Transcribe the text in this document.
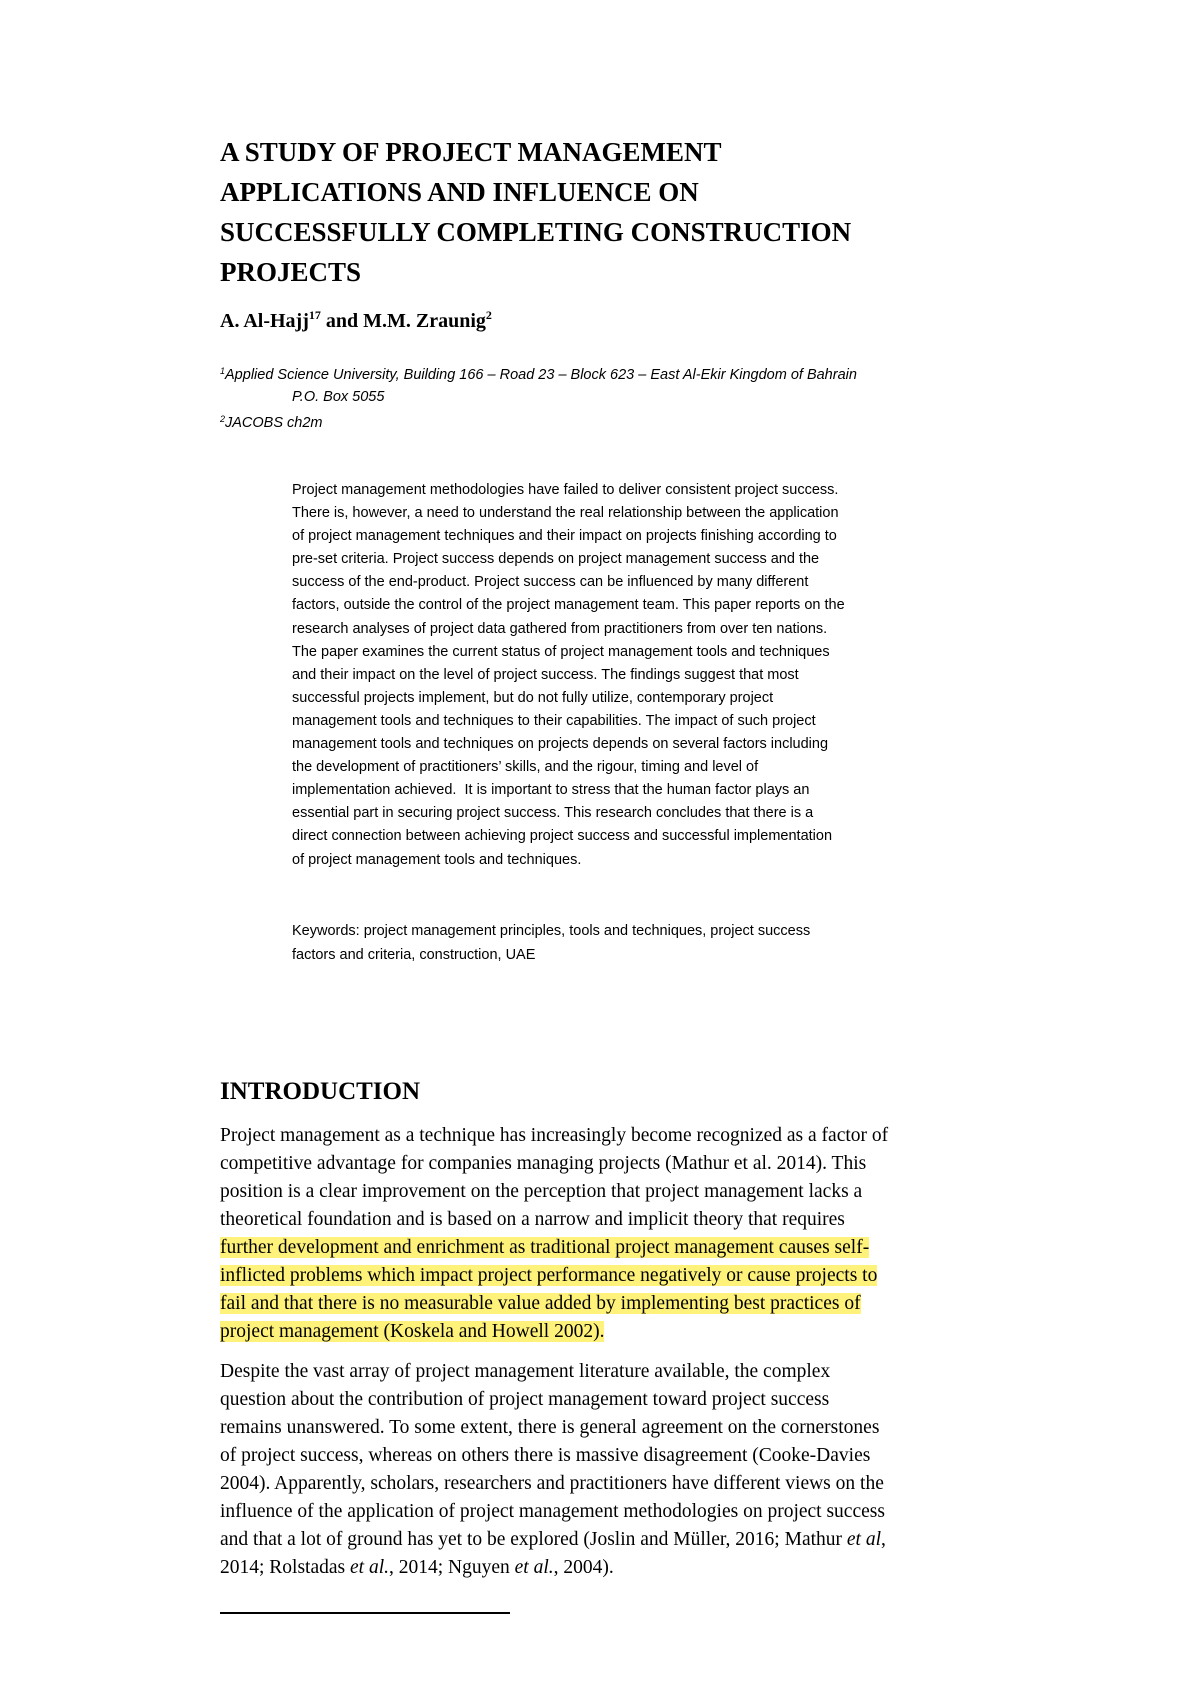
A STUDY OF PROJECT MANAGEMENT
APPLICATIONS AND INFLUENCE ON
SUCCESSFULLY COMPLETING CONSTRUCTION
PROJECTS
A. Al-Hajj$^{17}$ and M.M. Zraunig$^2$
$^1$Applied Science University, Building 166 – Road 23 – Block 623 – East Al-Ekir Kingdom of Bahrain
P.O. Box 5055
$^2$JACOBS ch2m
Project management methodologies have failed to deliver consistent project success.
There is, however, a need to understand the real relationship between the application
of project management techniques and their impact on projects finishing according to
pre-set criteria. Project success depends on project management success and the
success of the end-product. Project success can be influenced by many different
factors, outside the control of the project management team. This paper reports on the
research analyses of project data gathered from practitioners from over ten nations.
The paper examines the current status of project management tools and techniques
and their impact on the level of project success. The findings suggest that most
successful projects implement, but do not fully utilize, contemporary project
management tools and techniques to their capabilities. The impact of such project
management tools and techniques on projects depends on several factors including
the development of practitioners’ skills, and the rigour, timing and level of
implementation achieved.  It is important to stress that the human factor plays an
essential part in securing project success. This research concludes that there is a
direct connection between achieving project success and successful implementation
of project management tools and techniques.
Keywords: project management principles, tools and techniques, project success
factors and criteria, construction, UAE
INTRODUCTION
Project management as a technique has increasingly become recognized as a factor of
competitive advantage for companies managing projects (Mathur et al. 2014). This
position is a clear improvement on the perception that project management lacks a
theoretical foundation and is based on a narrow and implicit theory that requires
further development and enrichment as traditional project management causes self-
inflicted problems which impact project performance negatively or cause projects to
fail and that there is no measurable value added by implementing best practices of
project management (Koskela and Howell 2002).
Despite the vast array of project management literature available, the complex
question about the contribution of project management toward project success
remains unanswered. To some extent, there is general agreement on the cornerstones
of project success, whereas on others there is massive disagreement (Cooke-Davies
2004). Apparently, scholars, researchers and practitioners have different views on the
influence of the application of project management methodologies on project success
and that a lot of ground has yet to be explored (Joslin and Müller, 2016; Mathur et al,
2014; Rolstadas et al., 2014; Nguyen et al., 2004).
